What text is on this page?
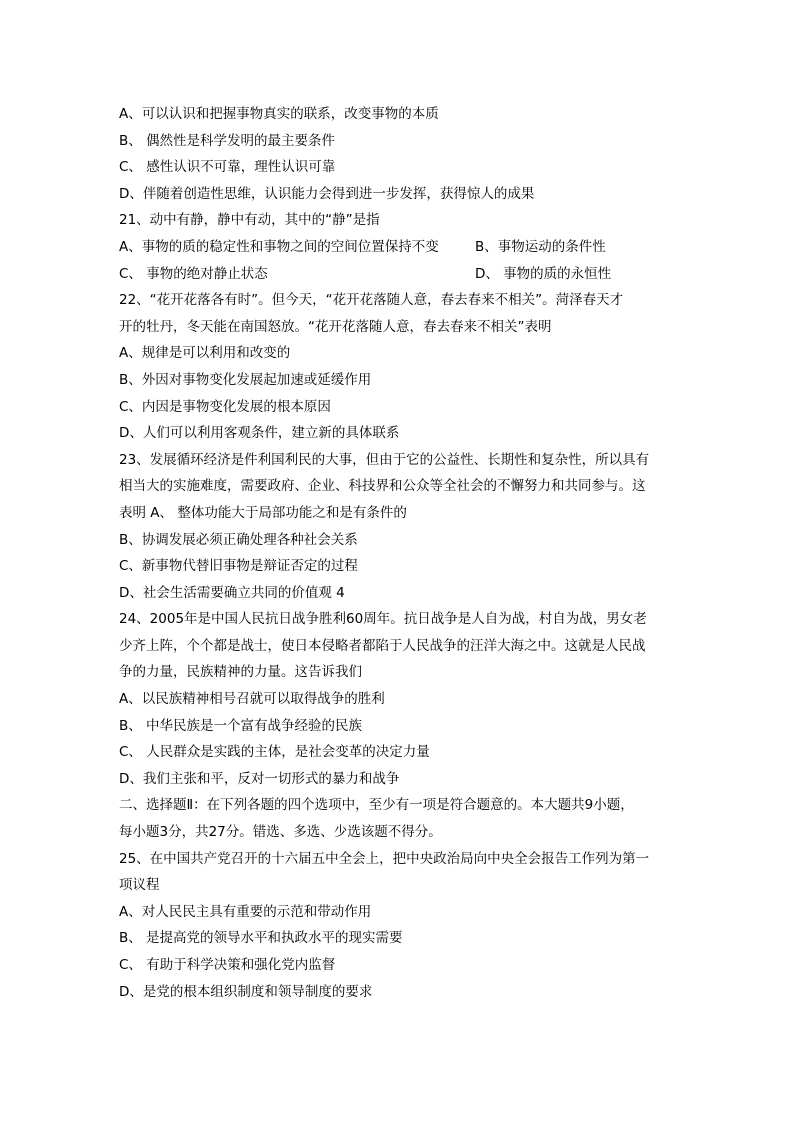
A、可以认识和把握事物真实的联系，改变事物的本质
B、 偶然性是科学发明的最主要条件
C、 感性认识不可靠，理性认识可靠
D、伴随着创造性思维，认识能力会得到进一步发挥，获得惊人的成果
21、动中有静，静中有动，其中的“静”是指
A、事物的质的稳定性和事物之间的空间位置保持不变	B、事物运动的条件性
C、 事物的绝对静止状态	D、 事物的质的永恒性
22、“花开花落各有时”。但今天，“花开花落随人意，春去春来不相关”。菏泽春天才
开的牡丹，冬天能在南国怒放。“花开花落随人意，春去春来不相关”表明
A、规律是可以利用和改变的
B、外因对事物变化发展起加速或延缓作用
C、内因是事物变化发展的根本原因
D、人们可以利用客观条件，建立新的具体联系
23、发展循环经济是件利国利民的大事，但由于它的公益性、长期性和复杂性，所以具有
相当大的实施难度，需要政府、企业、科技界和公众等全社会的不懈努力和共同参与。这
表明 A、 整体功能大于局部功能之和是有条件的
B、协调发展必须正确处理各种社会关系
C、新事物代替旧事物是辩证否定的过程
D、社会生活需要确立共同的价值观 4
24、2005年是中国人民抗日战争胜利60周年。抗日战争是人自为战，村自为战，男女老
少齐上阵，个个都是战士，使日本侵略者都陷于人民战争的汪洋大海之中。这就是人民战
争的力量，民族精神的力量。这告诉我们
A、以民族精神相号召就可以取得战争的胜利
B、 中华民族是一个富有战争经验的民族
C、 人民群众是实践的主体，是社会变革的决定力量
D、我们主张和平，反对一切形式的暴力和战争
二、选择题Ⅱ：在下列各题的四个选项中，至少有一项是符合题意的。本大题共9小题，
每小题3分，共27分。错选、多选、少选该题不得分。
25、在中国共产党召开的十六届五中全会上，把中央政治局向中央全会报告工作列为第一
项议程
A、对人民民主具有重要的示范和带动作用
B、 是提高党的领导水平和执政水平的现实需要
C、 有助于科学决策和强化党内监督
D、是党的根本组织制度和领导制度的要求
